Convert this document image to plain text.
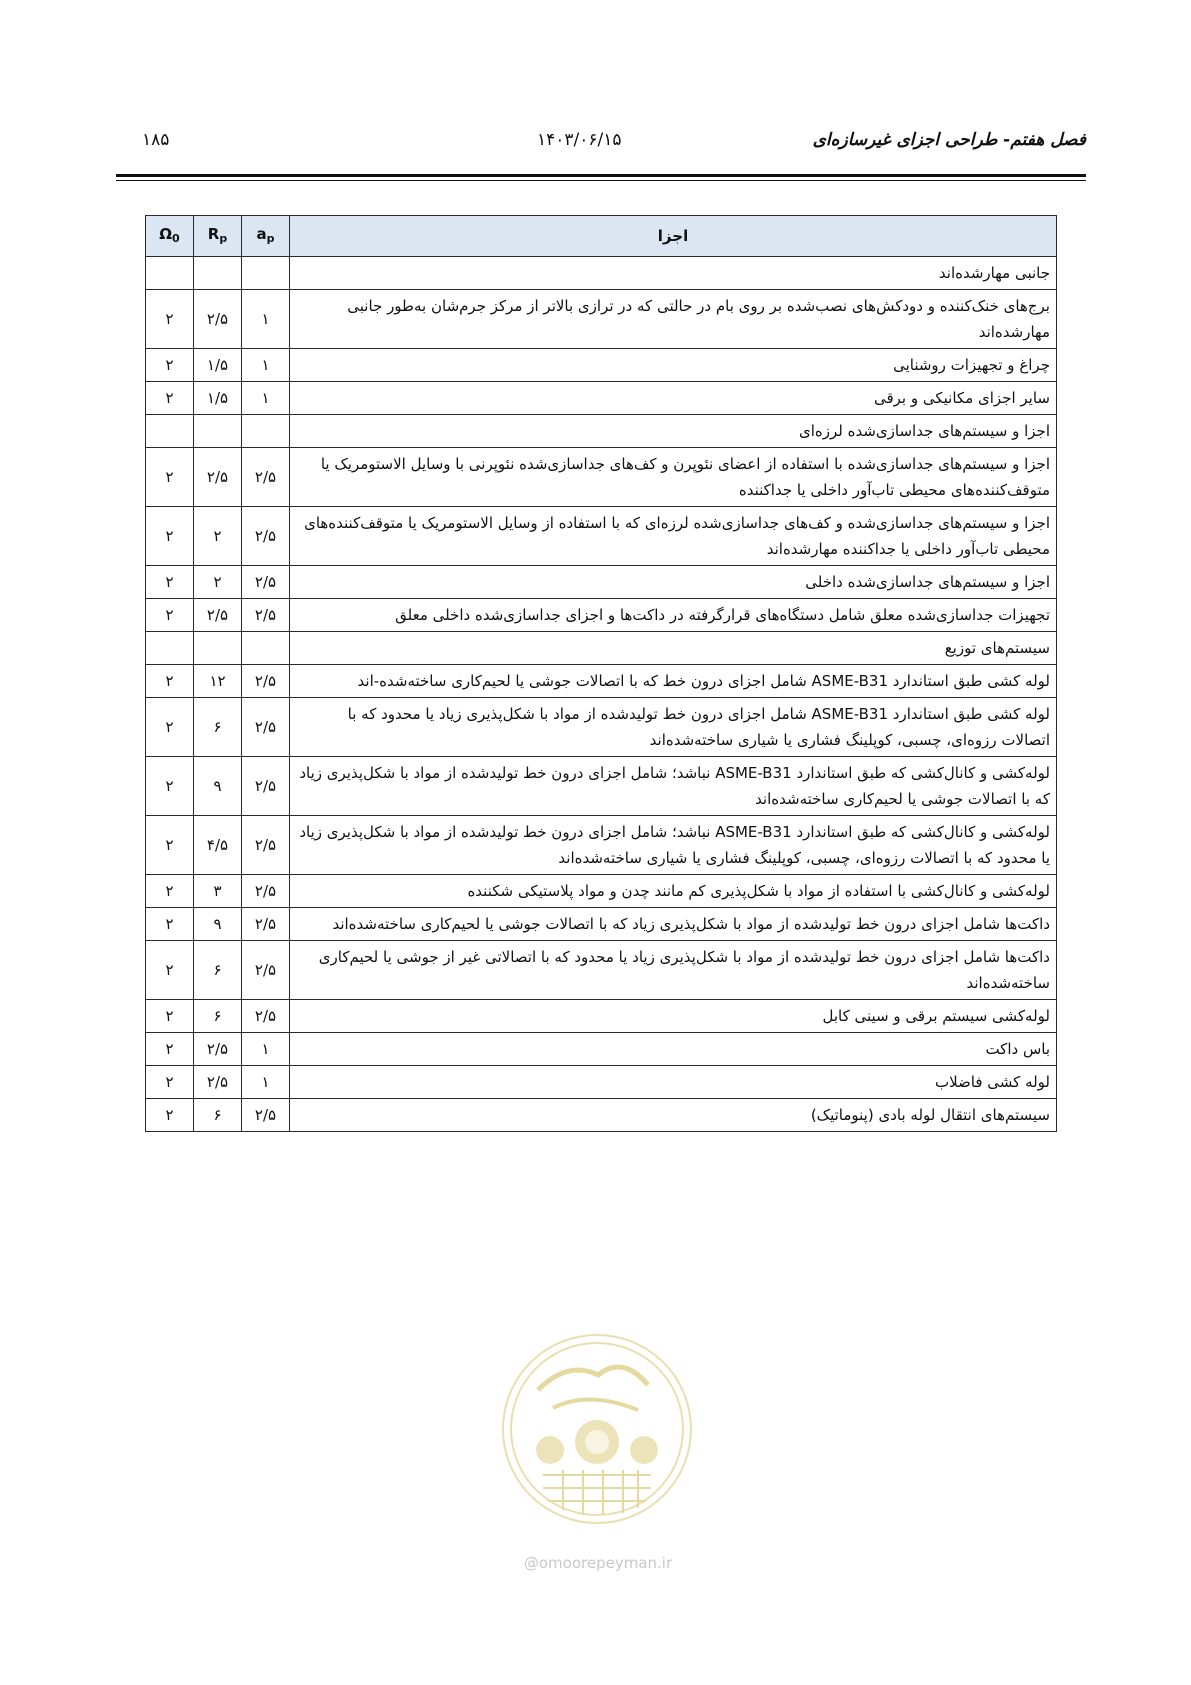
فصل هفتم- طراحی اجزای غیرسازه‌ای
۱۴۰۳/۰۶/۱۵
۱۸۵
$\Omega_0$	$R_p$	$a_p$	اجزا
			جانبی مهارشده‌اند
۲	۲/۵	۱	برج‌های خنک‌کننده و دودکش‌های نصب‌شده بر روی بام در حالتی که در ترازی بالاتر از مرکز جرم‌شان به‌طور جانبی مهارشده‌اند
۲	۱/۵	۱	چراغ و تجهیزات روشنایی
۲	۱/۵	۱	سایر اجزای مکانیکی و برقی
			اجزا و سیستم‌های جداسازی‌شده لرزه‌ای
۲	۲/۵	۲/۵	اجزا و سیستم‌های جداسازی‌شده با استفاده از اعضای نئوپرن و کف‌های جداسازی‌شده نئوپرنی با وسایل الاستومریک یا متوقف‌کننده‌های محیطی تاب‌آور داخلی یا جداکننده
۲	۲	۲/۵	اجزا و سیستم‌های جداسازی‌شده و کف‌های جداسازی‌شده لرزه‌ای که با استفاده از وسایل الاستومریک یا متوقف‌کننده‌های محیطی تاب‌آور داخلی یا جداکننده مهارشده‌اند
۲	۲	۲/۵	اجزا و سیستم‌های جداسازی‌شده داخلی
۲	۲/۵	۲/۵	تجهیزات جداسازی‌شده معلق شامل دستگاه‌های قرارگرفته در داکت‌ها و اجزای جداسازی‌شده داخلی معلق
			سیستم‌های توزیع
۲	۱۲	۲/۵	لوله کشی طبق استاندارد ASME-B31 شامل اجزای درون خط که با اتصالات جوشی یا لحیم‌کاری ساخته‌شده-اند
۲	۶	۲/۵	لوله کشی طبق استاندارد ASME-B31 شامل اجزای درون خط تولیدشده از مواد با شکل‌پذیری زیاد یا محدود که با اتصالات رزوه‌ای، چسبی، کوپلینگ فشاری یا شیاری ساخته‌شده‌اند
۲	۹	۲/۵	لوله‌کشی و کانال‌کشی که طبق استاندارد ASME-B31 نباشد؛ شامل اجزای درون خط تولیدشده از مواد با شکل‌پذیری زیاد که با اتصالات جوشی یا لحیم‌کاری ساخته‌شده‌اند
۲	۴/۵	۲/۵	لوله‌کشی و کانال‌کشی که طبق استاندارد ASME-B31 نباشد؛ شامل اجزای درون خط تولیدشده از مواد با شکل‌پذیری زیاد یا محدود که با اتصالات رزوه‌ای، چسبی، کوپلینگ فشاری یا شیاری ساخته‌شده‌اند
۲	۳	۲/۵	لوله‌کشی و کانال‌کشی با استفاده از مواد با شکل‌پذیری کم مانند چدن و مواد پلاستیکی شکننده
۲	۹	۲/۵	داکت‌ها شامل اجزای درون خط تولیدشده از مواد با شکل‌پذیری زیاد که با اتصالات جوشی یا لحیم‌کاری ساخته‌شده‌اند
۲	۶	۲/۵	داکت‌ها شامل اجزای درون خط تولیدشده از مواد با شکل‌پذیری زیاد یا محدود که با اتصالاتی غیر از جوشی یا لحیم‌کاری ساخته‌شده‌اند
۲	۶	۲/۵	لوله‌کشی سیستم برقی و سینی کابل
۲	۲/۵	۱	باس داکت
۲	۲/۵	۱	لوله کشی فاضلاب
۲	۶	۲/۵	سیستم‌های انتقال لوله بادی (پنوماتیک)
@omoorepeyman.ir
